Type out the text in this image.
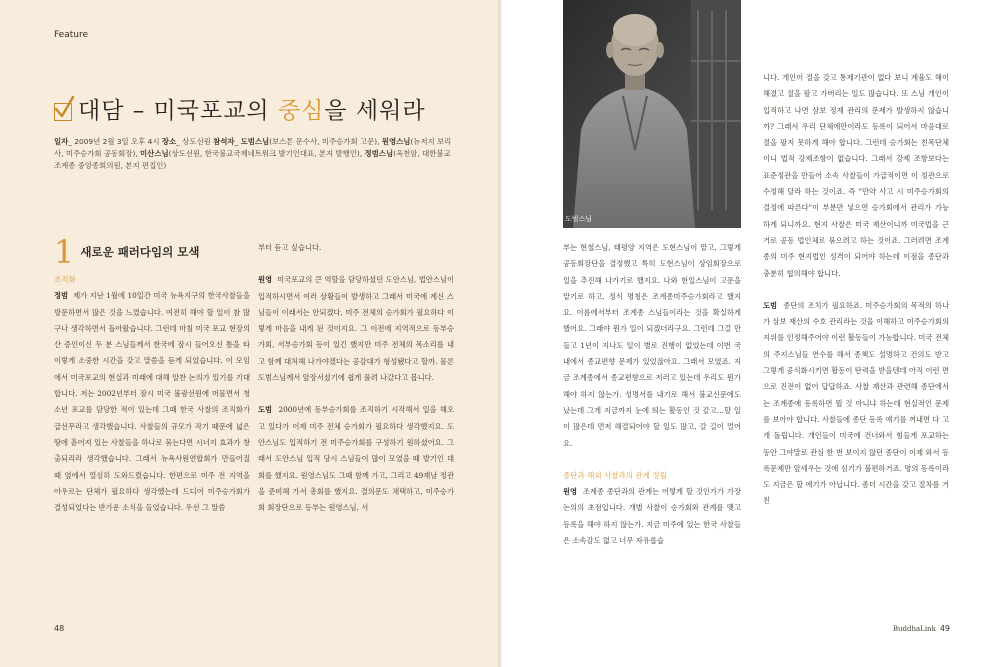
Feature
대담 – 미국포교의 중심을 세워라
일자_ 2009년 2월 3일 오후 4시 장소_ 상도선원 참석자_ 도범스님(보스톤 문수사, 미주승가회 고문), 원영스님(뉴저지 보리사, 미주승가회 공동회장), 미산스님(상도선원, 한국불교국제네트워크 발기인대표, 본지 발행인), 정범스님(옥천암, 대한불교조계종 중앙종회의원, 본지 편집인)
1 새로운 패러다임의 모색

조직화

정범 제가 지난 1월에 10일간 미국 뉴욕지구의 한국사찰들을 방문하면서 많은 것을 느꼈습니다. 여전히 해야 할 일이 참 많구나 생각하면서 돌아왔습니다. 그런데 마침 미국 포교 현장의 산 증인이신 두 분 스님들께서 한국에 잠시 들어오신 틈을 타 이렇게 소중한 시간을 갖고 말씀을 듣게 되었습니다. 이 모임에서 미국포교의 현실과 미래에 대해 알찬 논의가 있기를 기대합니다. 저는 2002년부터 잠시 미국 불광선원에 머물면서 청소년 포교를 담당한 적이 있는데 그때 한국 사찰의 조직화가 급선무라고 생각했습니다. 사찰들의 규모가 작기 때문에 넓은 땅에 흩어져 있는 사찰들을 하나로 묶는다면 시너지 효과가 창출되리라 생각했습니다. 그래서 뉴욕사원연합회가 만들어질 때 옆에서 열심히 도와드렸습니다. 한편으로 미주 전 지역을 아우르는 단체가 필요하다 생각했는데 드디어 미주승가회가 결성되었다는 반가운 소식을 들었습니다. 우선 그 말씀

부터 듣고 싶습니다.

원영 미국포교의 큰 역할을 담당하셨던 도안스님, 법안스님이 입적하시면서 여러 상황들이 발생하고 그래서 미국에 계신 스님들이 이래서는 안되겠다, 미주 전체의 승가회가 필요하다 이렇게 마음을 내게 된 것이지요. 그 이전에 지역적으로 동부승가회, 서부승가회 등이 있긴 했지만 미주 전체의 목소리를 내고 함께 대처해 나가야겠다는 공감대가 형성됐다고 할까. 물론 도범스님께서 앞장서셨기에 쉽게 풀려 나갔다고 봅니다.

도범 2000년에 동부승가회를 조직하기 시작해서 일을 해오고 있다가 이제 미주 전체 승가회가 필요하다 생각했지요. 도안스님도 입적하기 전 미주승가회를 구성하기 원하셨어요. 그래서 도안스님 입적 당시 스님들이 많이 모였을 때 발기인 대회를 했지요. 원영스님도 그때 함께 가고, 그리고 49재날 정관을 준비해 가서 총회를 했지요. 결의문도 채택하고, 미주승가회 회장단으로 등부는 원영스님, 서

48	BuddhaLink 49
도범스님

부는 현철스님, 태평양 지역은 도현스님이 맡고, 그렇게 공동회장단을 결정했고 특히 도현스님이 상임회장으로 일을 추진해 나가기로 했지요. 나와 현일스님이 고문을 맡기로 하고, 정식 명칭은 조계종미주승가회라고 했지요. 이름에서부터 조계종 스님들이라는 것을 확실하게 했어요. 그래야 뭔가 일이 되겠더라구요. 그런데 그걸 만들고 1년이 지나도 일이 별로 진행이 없었는데 이번 국내에서 종교편향 문제가 있었잖아요. 그래서 모였죠. 지금 조계종에서 종교편향으로 저러고 있는데 우리도 뭔가 해야 하지 않는가. 성명서를 내기로 해서 불교신문에도 났는데 그게 지금까지 눈에 띄는 활동인 것 같고…할 일이 많은데 먼저 해결되어야 할 일도 많고, 갈 길이 멀어요.

종단과 해외 사찰과의 관계 정립

원영 조계종 종단과의 관계는 어떻게 할 것인가가 가장 논의의 초점입니다. 개별 사찰이 승가회와 관계를 맺고 등록을 해야 하지 않는가. 지금 미주에 있는 한국 사찰들은 소속감도 없고 너무 자유롭습

니다. 개인이 절을 갖고 통제기관이 없다 보니 계율도 해이해졌고 절을 팔고 가버리는 일도 많습니다. 또 스님 개인이 입적하고 나면 삼보 정재 관리의 문제가 발생하지 않습니까? 그래서 우리 단체에만이라도 등록이 되어서 마음대로 절을 팔지 못하게 해야 합니다. 그런데 승가회는 친목단체이니 법적 강제조항이 없습니다. 그래서 강제 조항보다는 표준정관을 만들어 소속 사찰들이 가급적이면 이 정관으로 수정해 달라 하는 것이죠. 즉 "만약 사고 시 미주승가회의 결정에 따른다"이 부분만 넣으면 승가회에서 관리가 가능하게 되니까요. 현지 사찰은 미국 재산이니까 미국법을 근거로 공동 법인체로 묶으려고 하는 것이죠. 그러려면 조계종의 미주 현지법인 성격이 되어야 하는데 이점을 종단과 충분히 협의해야 합니다.

도범 종단의 조치가 필요하죠. 미주승가회의 목적의 하나가 삼보 재산의 수호 관리라는 것을 이해하고 미주승가회의 지위를 인정해주어야 이런 활동들이 가능합니다. 미국 전체의 주지스님들 연수를 해서 종책도 설명하고 건의도 받고 그렇게 공식화시키면 활동이 탄력을 받을텐데 아직 이런 면으로 진전이 없어 답답하죠. 사찰 재산과 관련해 종단에서는 조계종에 등록하면 뭘 것 아니냐 하는데 현실적인 문제를 보아야 합니다. 사찰들에 종단 등록 얘기를 꺼내면 다 고개 돌립니다. 개인들이 미국에 건너와서 힘들게 포교하는 동안 그야말로 관심 한 번 보이지 않던 종단이 이제 와서 등록문제만 앞세우는 것에 심기가 불편하거죠. 명의 등록이라도 지금은 할 애기가 아닙니다. 좀더 시간을 갖고 절차를 거친
